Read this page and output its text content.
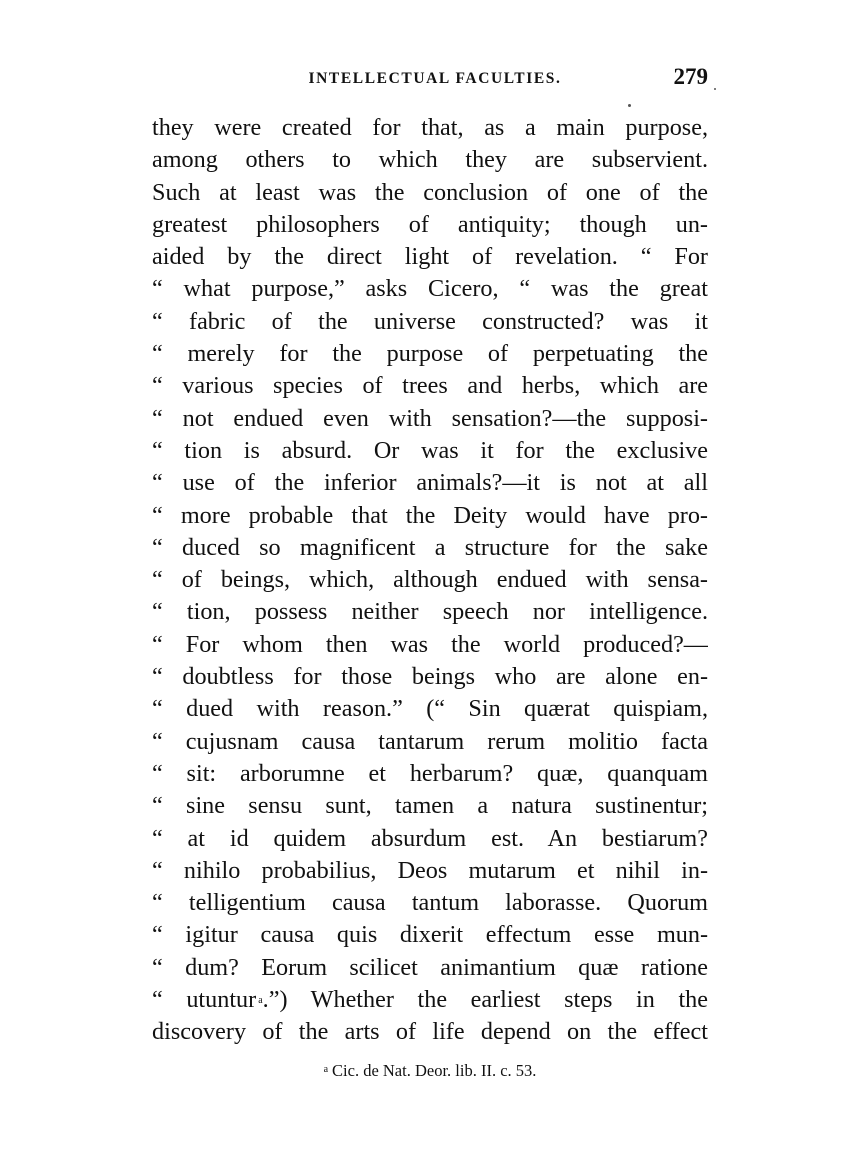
INTELLECTUAL FACULTIES.	279
they were created for that, as a main purpose,
among others to which they are subservient.
Such at least was the conclusion of one of the
greatest philosophers of antiquity; though un-
aided by the direct light of revelation. “ For
“ what purpose,” asks Cicero, “ was the great
“ fabric of the universe constructed? was it
“ merely for the purpose of perpetuating the
“ various species of trees and herbs, which are
“ not endued even with sensation?—the supposi-
“ tion is absurd. Or was it for the exclusive
“ use of the inferior animals?—it is not at all
“ more probable that the Deity would have pro-
“ duced so magnificent a structure for the sake
“ of beings, which, although endued with sensa-
“ tion, possess neither speech nor intelligence.
“ For whom then was the world produced?—
“ doubtless for those beings who are alone en-
“ dued with reason.” (“ Sin quærat quispiam,
“ cujusnam causa tantarum rerum molitio facta
“ sit: arborumne et herbarum? quæ, quanquam
“ sine sensu sunt, tamen a natura sustinentur;
“ at id quidem absurdum est. An bestiarum?
“ nihilo probabilius, Deos mutarum et nihil in-
“ telligentium causa tantum laborasse. Quorum
“ igitur causa quis dixerit effectum esse mun-
“ dum? Eorum scilicet animantium quæ ratione
“ utuntur a.”) Whether the earliest steps in the
discovery of the arts of life depend on the effect
$^a$ Cic. de Nat. Deor. lib. II. c. 53.
